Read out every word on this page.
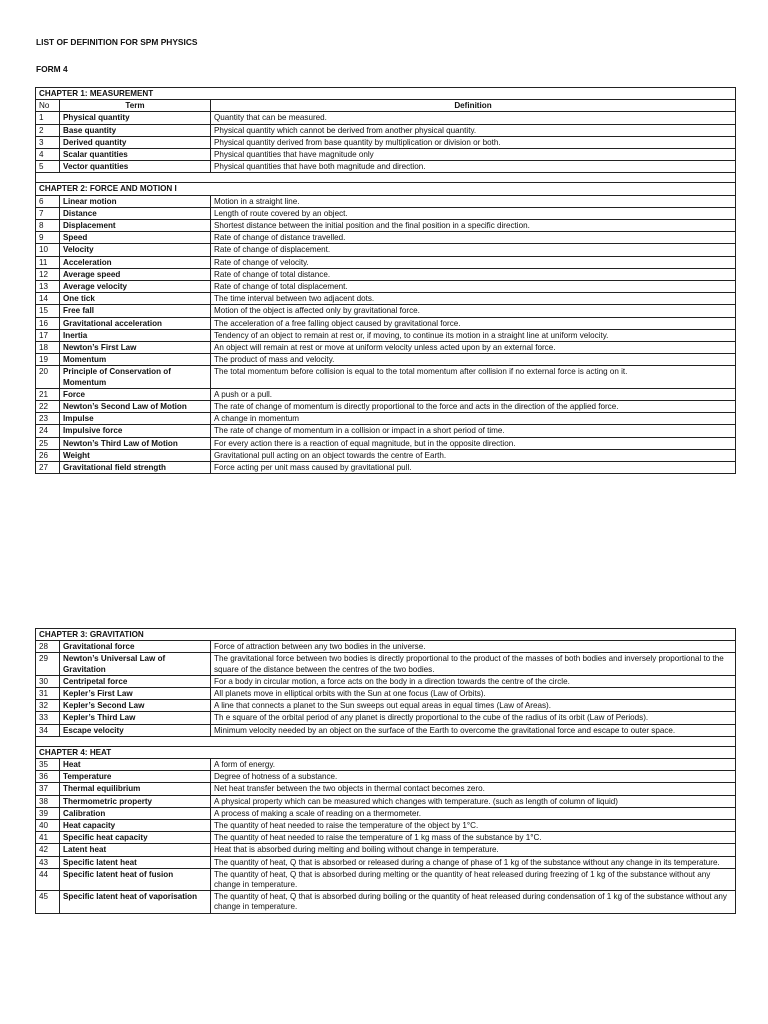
LIST OF DEFINITION FOR SPM PHYSICS
FORM 4
CHAPTER 1: MEASUREMENT		
No	Term	Definition
1	Physical quantity	Quantity that can be measured.
2	Base quantity	Physical quantity which cannot be derived from another physical quantity.
3	Derived quantity	Physical quantity derived from base quantity by multiplication or division or both.
4	Scalar quantities	Physical quantities that have magnitude only
5	Vector quantities	Physical quantities that have both magnitude and direction.

CHAPTER 2: FORCE AND MOTION I		
6	Linear motion	Motion in a straight line.
7	Distance	Length of route covered by an object.
8	Displacement	Shortest distance between the initial position and the final position in a specific direction.
9	Speed	Rate of change of distance travelled.
10	Velocity	Rate of change of displacement.
11	Acceleration	Rate of change of velocity.
12	Average speed	Rate of change of total distance.
13	Average velocity	Rate of change of total displacement.
14	One tick	The time interval between two adjacent dots.
15	Free fall	Motion of the object is affected only by gravitational force.
16	Gravitational acceleration	The acceleration of a free falling object caused by gravitational force.
17	Inertia	Tendency of an object to remain at rest or, if moving, to continue its motion in a straight line at uniform velocity.
18	Newton’s First Law	An object will remain at rest or move at uniform velocity unless acted upon by an external force.
19	Momentum	The product of mass and velocity.
20	Principle of Conservation of Momentum	The total momentum before collision is equal to the total momentum after collision if no external force is acting on it.
21	Force	A push or a pull.
22	Newton’s Second Law of Motion	The rate of change of momentum is directly proportional to the force and acts in the direction of the applied force.
23	Impulse	A change in momentum
24	Impulsive force	The rate of change of momentum in a collision or impact in a short period of time.
25	Newton’s Third Law of Motion	For every action there is a reaction of equal magnitude, but in the opposite direction.
26	Weight	Gravitational pull acting on an object towards the centre of Earth.
27	Gravitational field strength	Force acting per unit mass caused by gravitational pull.
CHAPTER 3: GRAVITATION		
28	Gravitational force	Force of attraction between any two bodies in the universe.
29	Newton’s Universal Law of Gravitation	The gravitational force between two bodies is directly proportional to the product of the masses of both bodies and inversely proportional to the square of the distance between the centres of the two bodies.
30	Centripetal force	For a body in circular motion, a force acts on the body in a direction towards the centre of the circle.
31	Kepler’s First Law	All planets move in elliptical orbits with the Sun at one focus (Law of Orbits).
32	Kepler’s Second Law	A line that connects a planet to the Sun sweeps out equal areas in equal times (Law of Areas).
33	Kepler’s Third Law	Th e square of the orbital period of any planet is directly proportional to the cube of the radius of its orbit (Law of Periods).
34	Escape velocity	Minimum velocity needed by an object on the surface of the Earth to overcome the gravitational force and escape to outer space.

CHAPTER 4: HEAT		
35	Heat	A form of energy.
36	Temperature	Degree of hotness of a substance.
37	Thermal equilibrium	Net heat transfer between the two objects in thermal contact becomes zero.
38	Thermometric property	A physical property which can be measured which changes with temperature. (such as length of column of liquid)
39	Calibration	A process of making a scale of reading on a thermometer.
40	Heat capacity	The quantity of heat needed to raise the temperature of the object by 1°C.
41	Specific heat capacity	The quantity of heat needed to raise the temperature of 1 kg mass of the substance by 1°C.
42	Latent heat	Heat that is absorbed during melting and boiling without change in temperature.
43	Specific latent heat	The quantity of heat, Q that is absorbed or released during a change of phase of 1 kg of the substance without any change in its temperature.
44	Specific latent heat of fusion	The quantity of heat, Q that is absorbed during melting or the quantity of heat released during freezing of 1 kg of the substance without any change in temperature.
45	Specific latent heat of vaporisation	The quantity of heat, Q that is absorbed during boiling or the quantity of heat released during condensation of 1 kg of the substance without any change in temperature.
